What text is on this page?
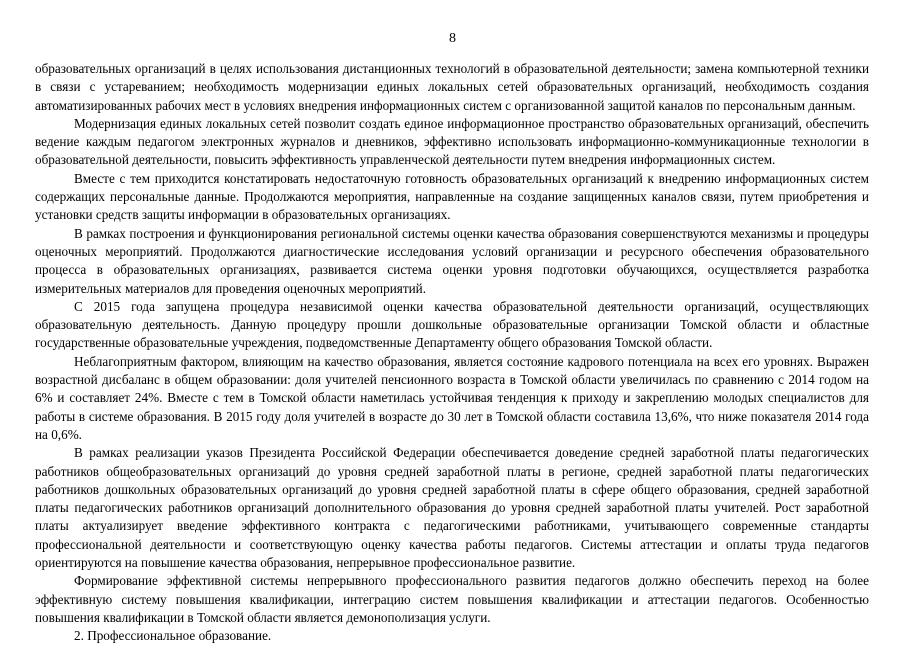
8

образовательных организаций в целях использования дистанционных технологий в образовательной деятельности; замена компьютерной техники в связи с устареванием; необходимость модернизации единых локальных сетей образовательных организаций, необходимость создания автоматизированных рабочих мест в условиях внедрения информационных систем с организованной защитой каналов по персональным данным.

Модернизация единых локальных сетей позволит создать единое информационное пространство образовательных организаций, обеспечить ведение каждым педагогом электронных журналов и дневников, эффективно использовать информационно-коммуникационные технологии в образовательной деятельности, повысить эффективность управленческой деятельности путем внедрения информационных систем.

Вместе с тем приходится констатировать недостаточную готовность образовательных организаций к внедрению информационных систем содержащих персональные данные. Продолжаются мероприятия, направленные на создание защищенных каналов связи, путем приобретения и установки средств защиты информации в образовательных организациях.

В рамках построения и функционирования региональной системы оценки качества образования совершенствуются механизмы и процедуры оценочных мероприятий. Продолжаются диагностические исследования условий организации и ресурсного обеспечения образовательного процесса в образовательных организациях, развивается система оценки уровня подготовки обучающихся, осуществляется разработка измерительных материалов для проведения оценочных мероприятий.

С 2015 года запущена процедура независимой оценки качества образовательной деятельности организаций, осуществляющих образовательную деятельность. Данную процедуру прошли дошкольные образовательные организации Томской области и областные государственные образовательные учреждения, подведомственные Департаменту общего образования Томской области.

Неблагоприятным фактором, влияющим на качество образования, является состояние кадрового потенциала на всех его уровнях. Выражен возрастной дисбаланс в общем образовании: доля учителей пенсионного возраста в Томской области увеличилась по сравнению с 2014 годом на 6% и составляет 24%. Вместе с тем в Томской области наметилась устойчивая тенденция к приходу и закреплению молодых специалистов для работы в системе образования. В 2015 году доля учителей в возрасте до 30 лет в Томской области составила 13,6%, что ниже показателя 2014 года на 0,6%.

В рамках реализации указов Президента Российской Федерации обеспечивается доведение средней заработной платы педагогических работников общеобразовательных организаций до уровня средней заработной платы в регионе, средней заработной платы педагогических работников дошкольных образовательных организаций до уровня средней заработной платы в сфере общего образования, средней заработной платы педагогических работников организаций дополнительного образования до уровня средней заработной платы учителей. Рост заработной платы актуализирует введение эффективного контракта с педагогическими работниками, учитывающего современные стандарты профессиональной деятельности и соответствующую оценку качества работы педагогов. Системы аттестации и оплаты труда педагогов ориентируются на повышение качества образования, непрерывное профессиональное развитие.

Формирование эффективной системы непрерывного профессионального развития педагогов должно обеспечить переход на более эффективную систему повышения квалификации, интеграцию систем повышения квалификации и аттестации педагогов. Особенностью повышения квалификации в Томской области является демонополизация услуги.

2. Профессиональное образование.
